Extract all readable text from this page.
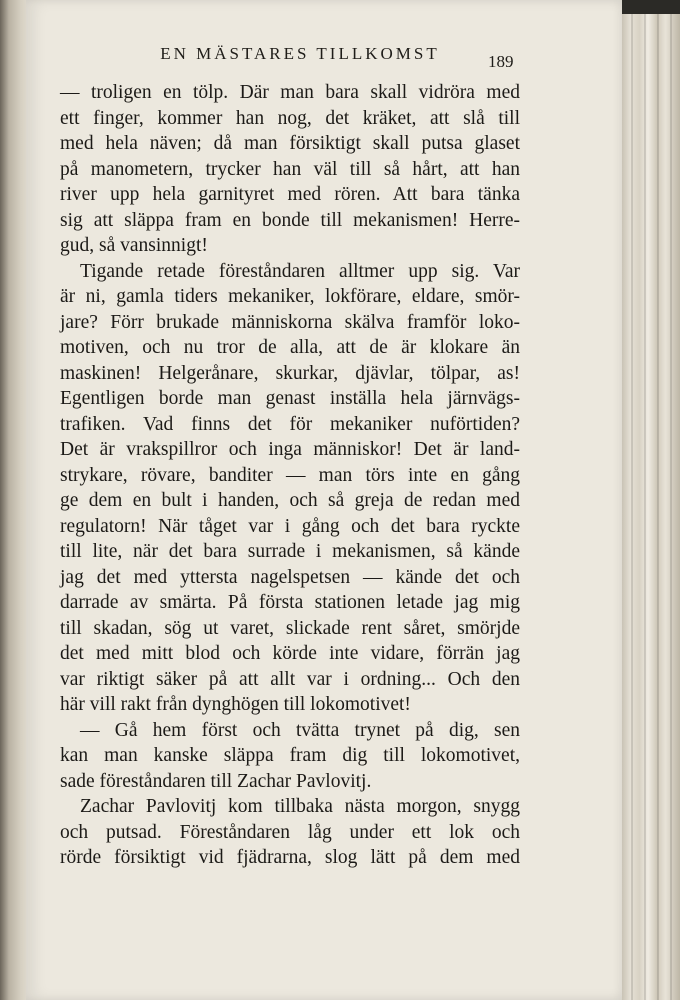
EN MÄSTARES TILLKOMST	189
— troligen en tölp. Där man bara skall vidröra med
ett finger, kommer han nog, det kräket, att slå till
med hela näven; då man försiktigt skall putsa glaset
på manometern, trycker han väl till så hårt, att han
river upp hela garnityret med rören. Att bara tänka
sig att släppa fram en bonde till mekanismen! Herre-
gud, så vansinnigt!
Tigande retade föreståndaren alltmer upp sig. Var
är ni, gamla tiders mekaniker, lokförare, eldare, smör-
jare? Förr brukade människorna skälva framför loko-
motiven, och nu tror de alla, att de är klokare än
maskinen! Helgerånare, skurkar, djävlar, tölpar, as!
Egentligen borde man genast inställa hela järnvägs-
trafiken. Vad finns det för mekaniker nuförtiden?
Det är vrakspillror och inga människor! Det är land-
strykare, rövare, banditer — man törs inte en gång
ge dem en bult i handen, och så greja de redan med
regulatorn! När tåget var i gång och det bara ryckte
till lite, när det bara surrade i mekanismen, så kände
jag det med yttersta nagelspetsen — kände det och
darrade av smärta. På första stationen letade jag mig
till skadan, sög ut varet, slickade rent såret, smörjde
det med mitt blod och körde inte vidare, förrän jag
var riktigt säker på att allt var i ordning... Och den
här vill rakt från dynghögen till lokomotivet!
— Gå hem först och tvätta trynet på dig, sen
kan man kanske släppa fram dig till lokomotivet,
sade föreståndaren till Zachar Pavlovitj.
Zachar Pavlovitj kom tillbaka nästa morgon, snygg
och putsad. Föreståndaren låg under ett lok och
rörde försiktigt vid fjädrarna, slog lätt på dem med
